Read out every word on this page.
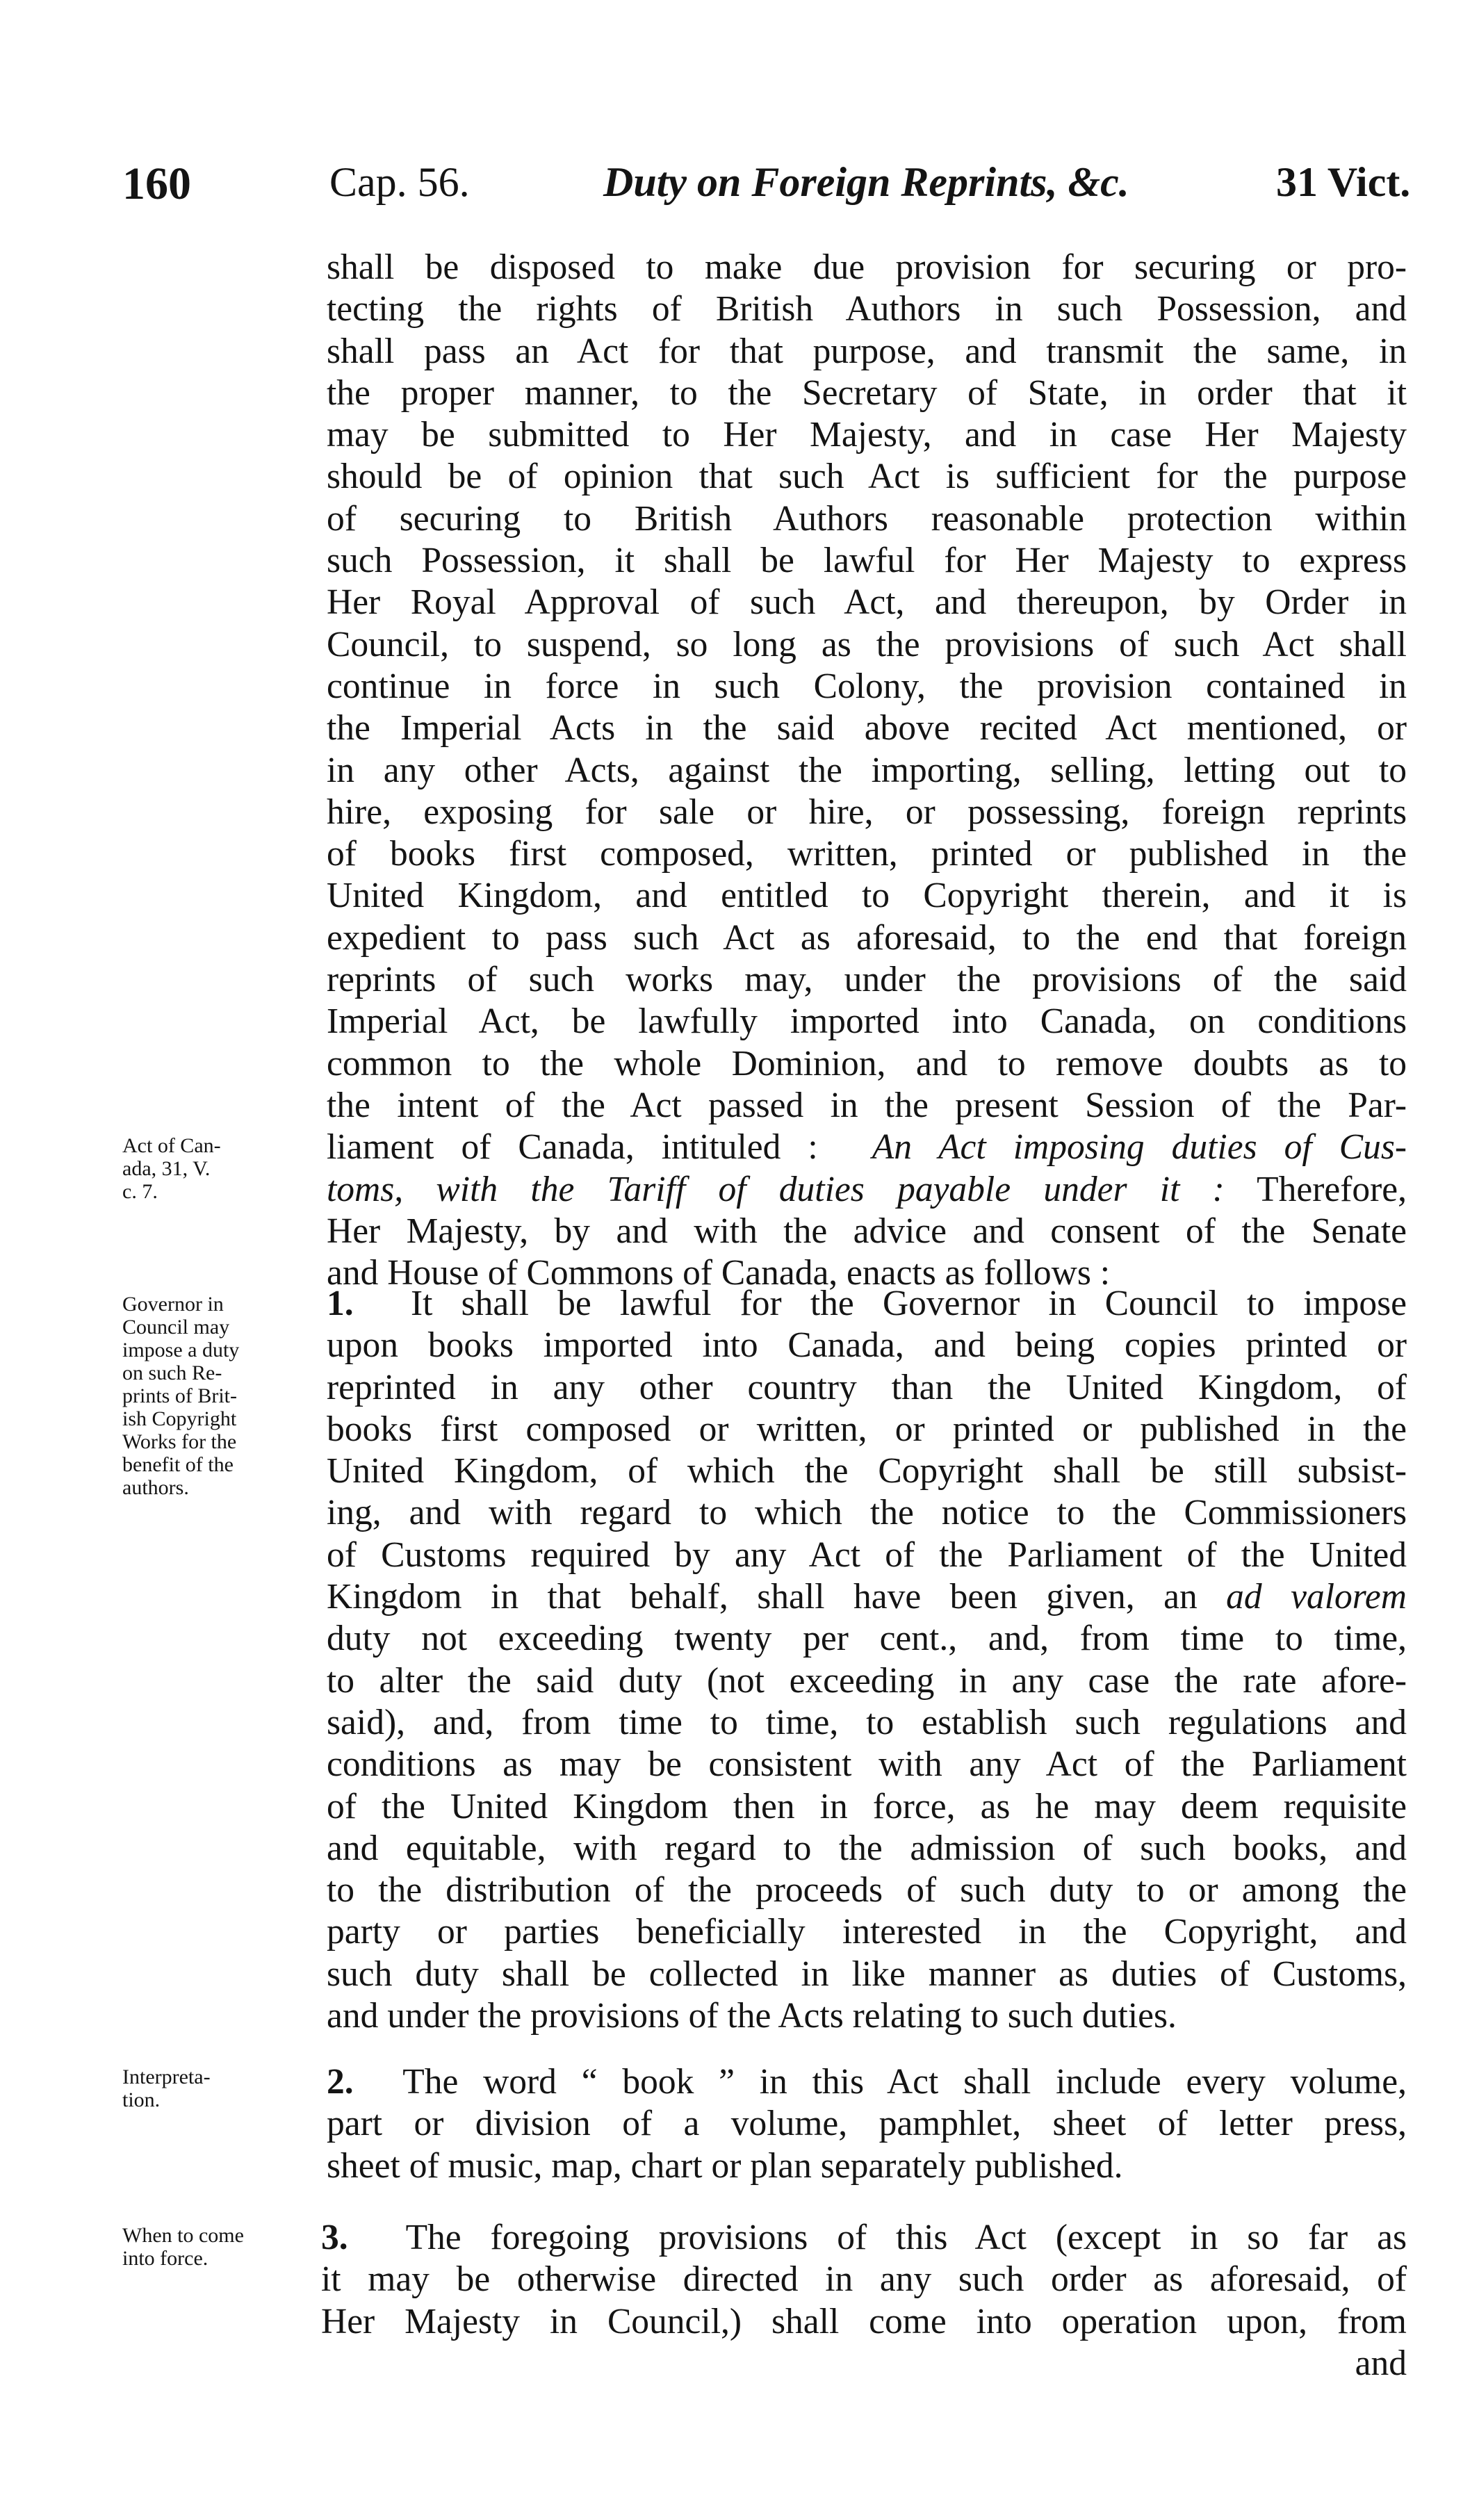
160	Cap. 56.	Duty on Foreign Reprints, &c.	31 Vict.
shall be disposed to make due provision for securing or pro-
tecting the rights of British Authors in such Possession, and
shall pass an Act for that purpose, and transmit the same, in
the proper manner, to the Secretary of State, in order that it
may be submitted to Her Majesty, and in case Her Majesty
should be of opinion that such Act is sufficient for the purpose
of securing to British Authors reasonable protection within
such Possession, it shall be lawful for Her Majesty to express
Her Royal Approval of such Act, and thereupon, by Order in
Council, to suspend, so long as the provisions of such Act shall
continue in force in such Colony, the provision contained in
the Imperial Acts in the said above recited Act mentioned, or
in any other Acts, against the importing, selling, letting out to
hire, exposing for sale or hire, or possessing, foreign reprints
of books first composed, written, printed or published in the
United Kingdom, and entitled to Copyright therein, and it is
expedient to pass such Act as aforesaid, to the end that foreign
reprints of such works may, under the provisions of the said
Imperial Act, be lawfully imported into Canada, on conditions
common to the whole Dominion, and to remove doubts as to
the intent of the Act passed in the present Session of the Par-
liament of Canada, intituled : An Act imposing duties of Cus-
toms, with the Tariff of duties payable under it : Therefore,
Her Majesty, by and with the advice and consent of the Senate
and House of Commons of Canada, enacts as follows :
1. It shall be lawful for the Governor in Council to impose
upon books imported into Canada, and being copies printed or
reprinted in any other country than the United Kingdom, of
books first composed or written, or printed or published in the
United Kingdom, of which the Copyright shall be still subsist-
ing, and with regard to which the notice to the Commissioners
of Customs required by any Act of the Parliament of the United
Kingdom in that behalf, shall have been given, an ad valorem
duty not exceeding twenty per cent., and, from time to time,
to alter the said duty (not exceeding in any case the rate afore-
said), and, from time to time, to establish such regulations and
conditions as may be consistent with any Act of the Parliament
of the United Kingdom then in force, as he may deem requisite
and equitable, with regard to the admission of such books, and
to the distribution of the proceeds of such duty to or among the
party or parties beneficially interested in the Copyright, and
such duty shall be collected in like manner as duties of Customs,
and under the provisions of the Acts relating to such duties.
2. The word “ book ” in this Act shall include every volume,
part or division of a volume, pamphlet, sheet of letter press,
sheet of music, map, chart or plan separately published.
3. The foregoing provisions of this Act (except in so far as
it may be otherwise directed in any such order as aforesaid, of
Her Majesty in Council,) shall come into operation upon, from
and
Act of Can-
ada, 31, V.
c. 7.
Governor in
Council may
impose a duty
on such Re-
prints of Brit-
ish Copyright
Works for the
benefit of the
authors.
Interpreta-
tion.
When to come
into force.
